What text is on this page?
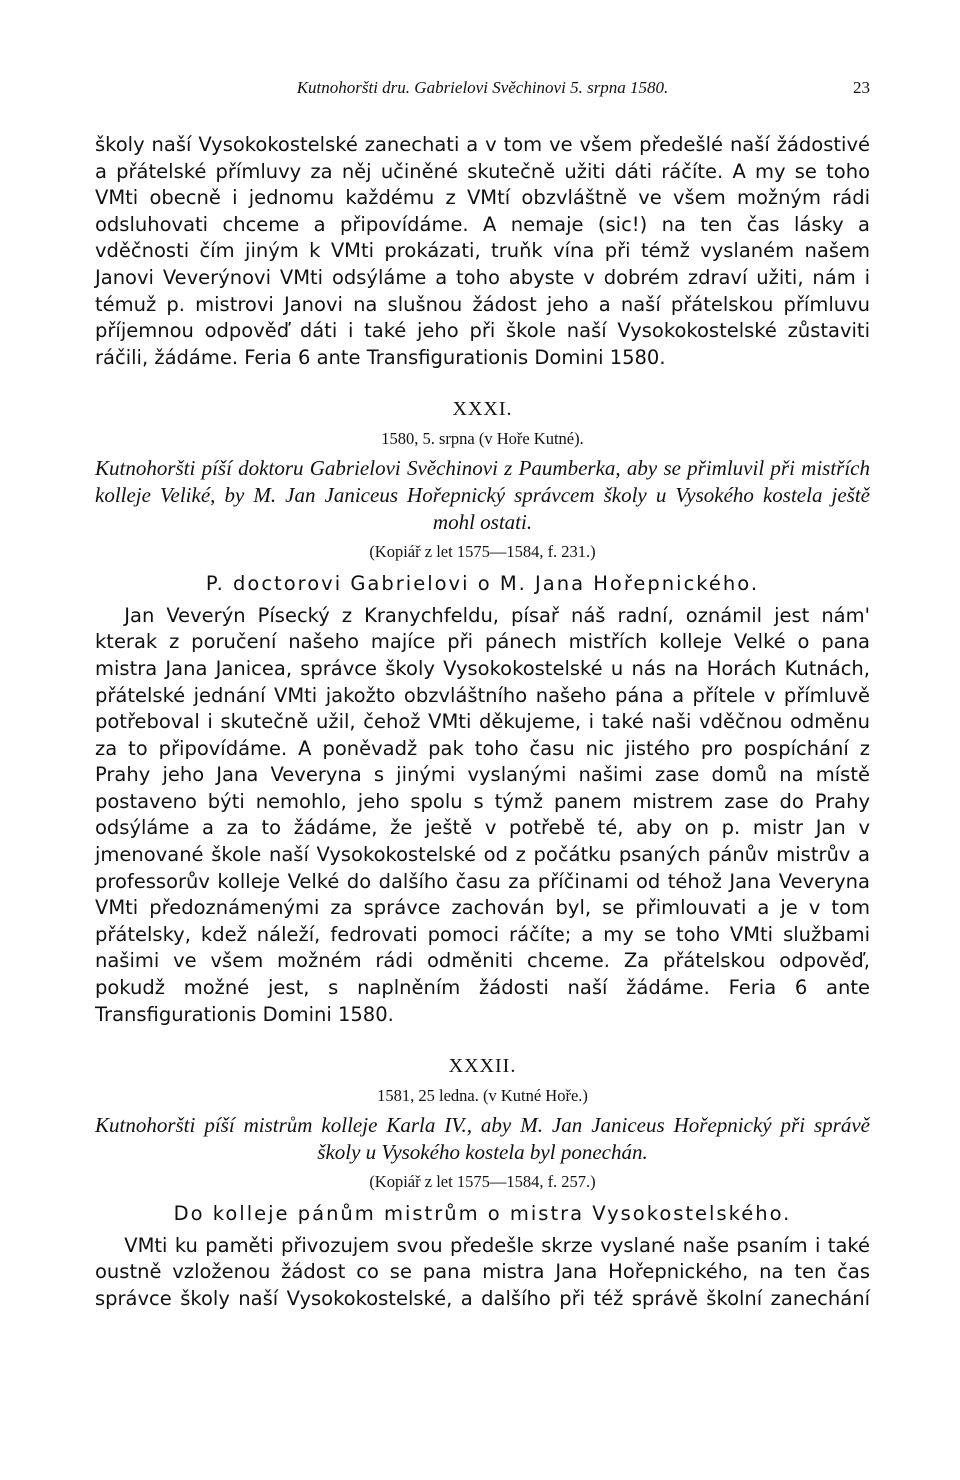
Kutnohoršti dru. Gabrielovi Svěchinovi 5. srpna 1580.	23

školy naší Vysokokostelské zanechati a v tom ve všem předešlé naší žádostivé a přátelské přímluvy za něj učiněné skutečně užiti dáti ráčíte. A my se toho VMti obecně i jednomu každému z VMtí obzvláštně ve všem možným rádi odsluhovati chceme a připovídáme. A nemaje (sic!) na ten čas lásky a vděčnosti čím jiným k VMti prokázati, truňk vína při témž vyslaném našem Janovi Veverýnovi VMti odsýláme a toho abyste v dobrém zdraví užiti, nám i témuž p. mistrovi Janovi na slušnou žádost jeho a naší přátelskou přímluvu příjemnou odpověď dáti i také jeho při škole naší Vysokokostelské zůstaviti ráčili, žádáme. Feria 6 ante Transfigurationis Domini 1580.

XXXI.

1580, 5. srpna (v Hoře Kutné).

Kutnohoršti píší doktoru Gabrielovi Svěchinovi z Paumberka, aby se přimluvil při mistřích kolleje Veliké, by M. Jan Janiceus Hořepnický správcem školy u Vysokého kostela ještě mohl ostati.

(Kopiář z let 1575—1584, f. 231.)

P. doctorovi Gabrielovi o M. Jana Hořepnického.

Jan Veverýn Písecký z Kranychfeldu, písař náš radní, oznámil jest nám' kterak z poručení našeho majíce při pánech mistřích kolleje Velké o pana mistra Jana Janicea, správce školy Vysokokostelské u nás na Horách Kutnách, přátelské jednání VMti jakožto obzvláštního našeho pána a přítele v přímluvě potřeboval i skutečně užil, čehož VMti děkujeme, i také naši vděčnou odměnu za to připovídáme. A poněvadž pak toho času nic jistého pro pospíchání z Prahy jeho Jana Veveryna s jinými vyslanými našimi zase domů na místě postaveno býti nemohlo, jeho spolu s týmž panem mistrem zase do Prahy odsýláme a za to žádáme, že ještě v potřebě té, aby on p. mistr Jan v jmenované škole naší Vysokokostelské od z počátku psaných pánův mistrův a professorův kolleje Velké do dalšího času za příčinami od téhož Jana Veveryna VMti předoznámenými za správce zachován byl, se přimlouvati a je v tom přátelsky, kdež náleží, fedrovati pomoci ráčíte; a my se toho VMti službami našimi ve všem možném rádi odměniti chceme. Za přátelskou odpověď, pokudž možné jest, s naplněním žádosti naší žádáme. Feria 6 ante Transfigurationis Domini 1580.

XXXII.

1581, 25 ledna. (v Kutné Hoře.)

Kutnohoršti píší mistrům kolleje Karla IV., aby M. Jan Janiceus Hořepnický při správě školy u Vysokého kostela byl ponechán.

(Kopiář z let 1575—1584, f. 257.)

Do kolleje pánům mistrům o mistra Vysokostelského.

VMti ku paměti přivozujem svou předešle skrze vyslané naše psaním i také oustně vzloženou žádost co se pana mistra Jana Hořepnického, na ten čas správce školy naší Vysokokostelské, a dalšího při též správě školní zanechání
